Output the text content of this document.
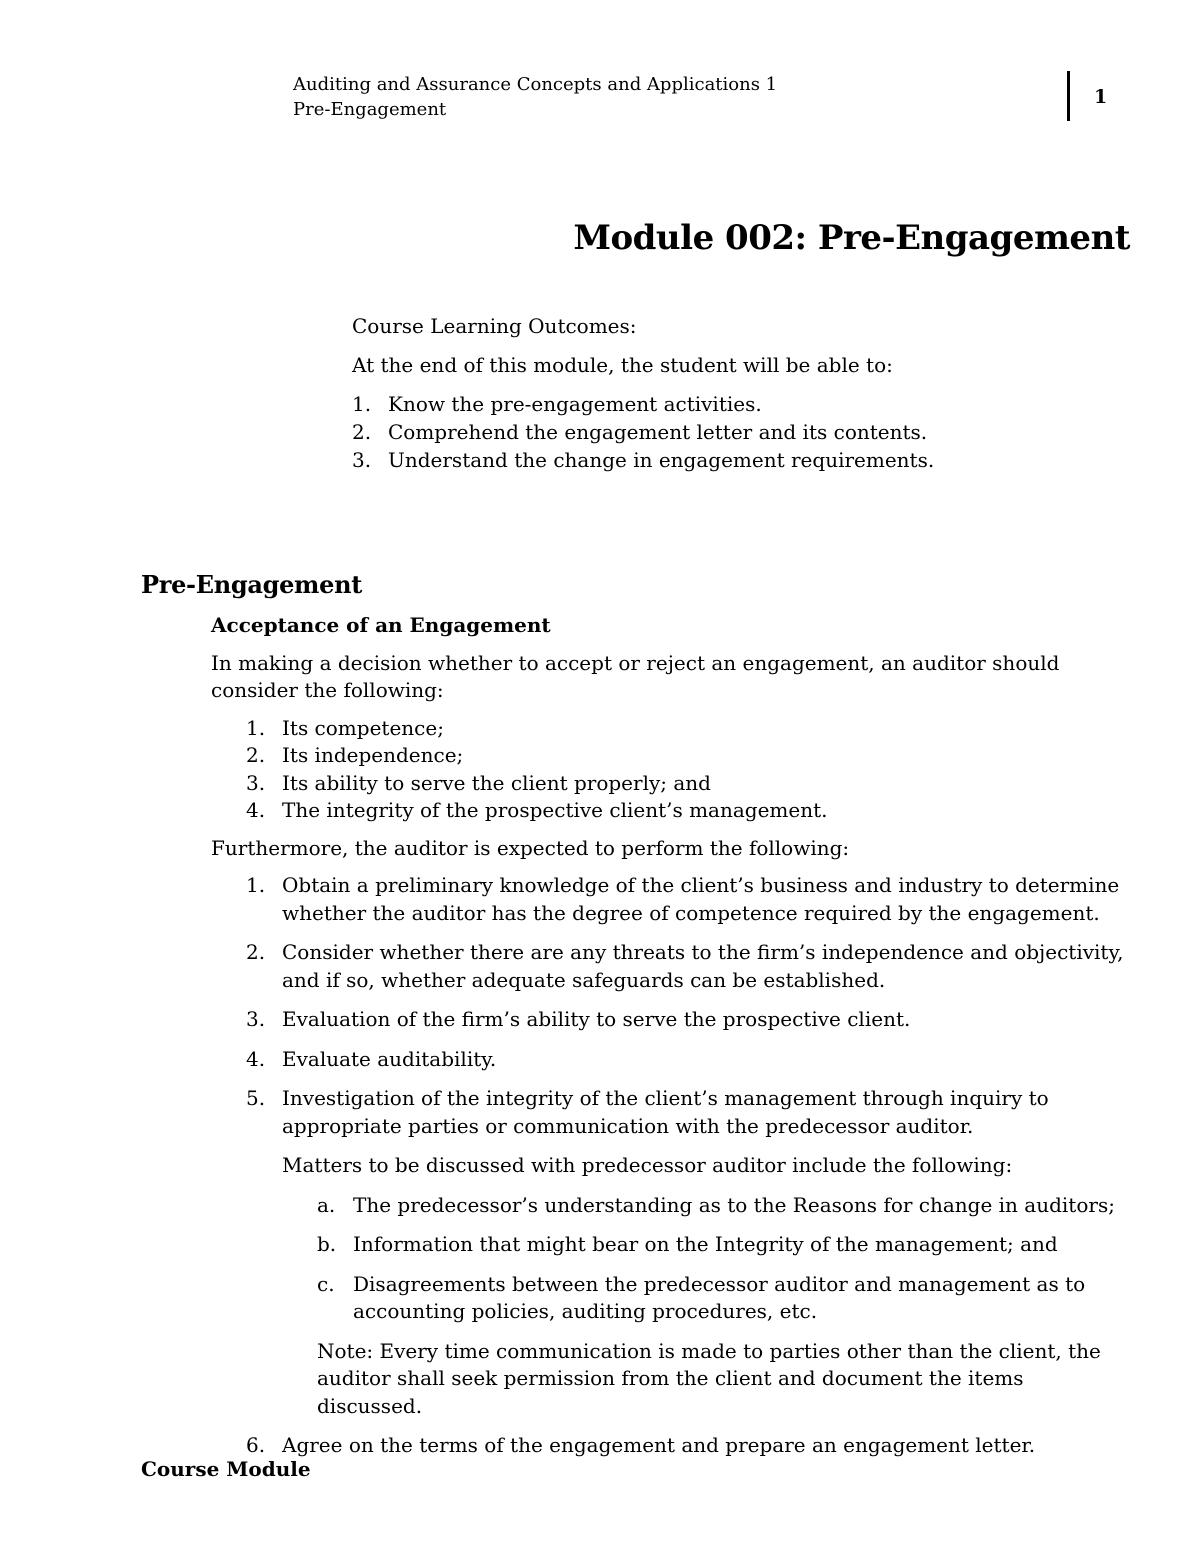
Auditing and Assurance Concepts and Applications 1
Pre-Engagement
1
Module 002: Pre-Engagement

Course Learning Outcomes:

At the end of this module, the student will be able to:

1. Know the pre-engagement activities.
2. Comprehend the engagement letter and its contents.
3. Understand the change in engagement requirements.
Pre-Engagement

Acceptance of an Engagement

In making a decision whether to accept or reject an engagement, an auditor should consider the following:

1. Its competence;
2. Its independence;
3. Its ability to serve the client properly; and
4. The integrity of the prospective client’s management.

Furthermore, the auditor is expected to perform the following:

1. Obtain a preliminary knowledge of the client’s business and industry to determine whether the auditor has the degree of competence required by the engagement.
2. Consider whether there are any threats to the firm’s independence and objectivity, and if so, whether adequate safeguards can be established.
3. Evaluation of the firm’s ability to serve the prospective client.
4. Evaluate auditability.
5. Investigation of the integrity of the client’s management through inquiry to appropriate parties or communication with the predecessor auditor.
Matters to be discussed with predecessor auditor include the following:
a. The predecessor’s understanding as to the Reasons for change in auditors;
b. Information that might bear on the Integrity of the management; and
c. Disagreements between the predecessor auditor and management as to accounting policies, auditing procedures, etc.
Note: Every time communication is made to parties other than the client, the auditor shall seek permission from the client and document the items discussed.
6. Agree on the terms of the engagement and prepare an engagement letter.
Course Module
